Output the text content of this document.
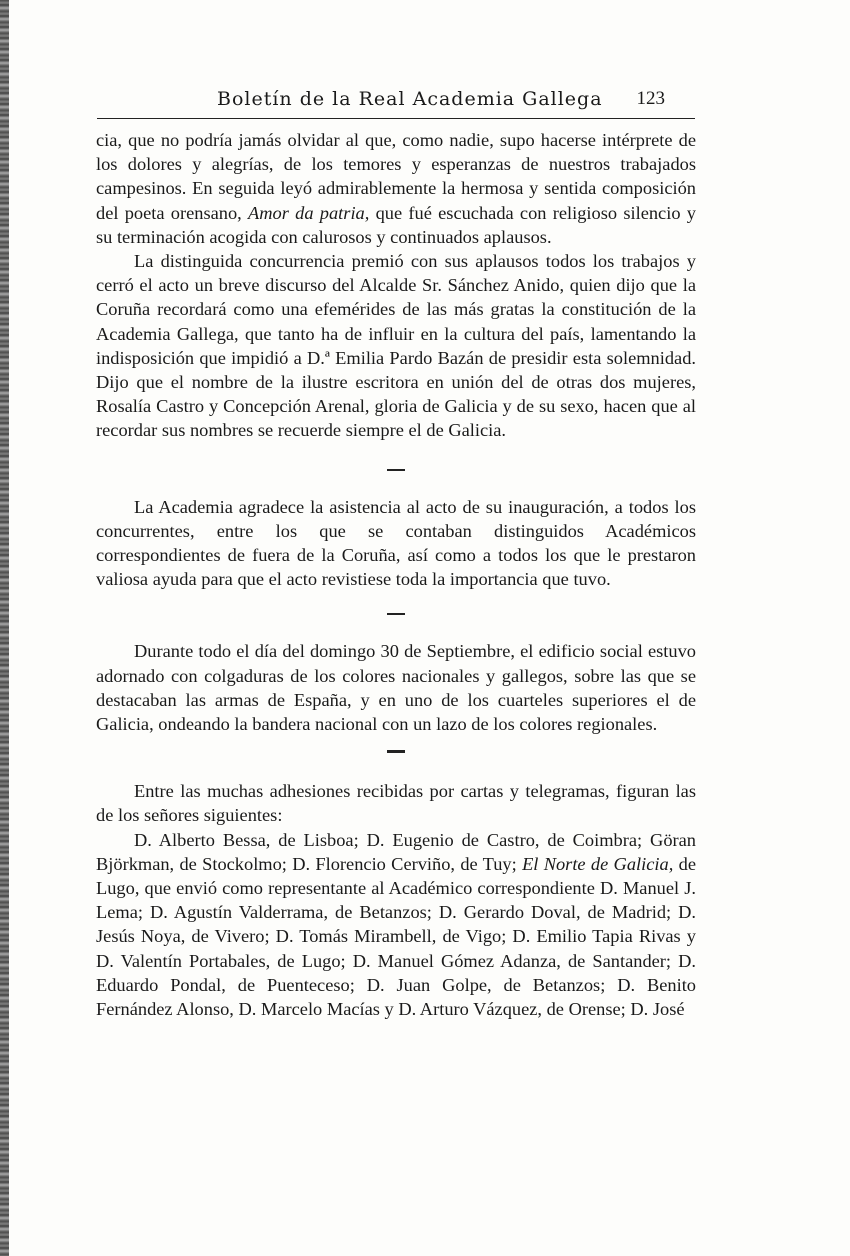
Boletín de la Real Academia Gallega 123

cia, que no podría jamás olvidar al que, como nadie, supo hacerse intérprete de los dolores y alegrías, de los temores y esperanzas de nuestros trabajados campesinos. En seguida leyó admirablemente la hermosa y sentida composición del poeta orensano, Amor da patria, que fué escuchada con religioso silencio y su terminación acogida con calurosos y continuados aplausos.

La distinguida concurrencia premió con sus aplausos todos los trabajos y cerró el acto un breve discurso del Alcalde Sr. Sánchez Anido, quien dijo que la Coruña recordará como una efemérides de las más gratas la constitución de la Academia Gallega, que tanto ha de influir en la cultura del país, lamentando la indisposición que impidió a D.ª Emilia Pardo Bazán de presidir esta solemnidad. Dijo que el nombre de la ilustre escritora en unión del de otras dos mujeres, Rosalía Castro y Concepción Arenal, gloria de Galicia y de su sexo, hacen que al recordar sus nombres se recuerde siempre el de Galicia.

La Academia agradece la asistencia al acto de su inauguración, a todos los concurrentes, entre los que se contaban distinguidos Académicos correspondientes de fuera de la Coruña, así como a todos los que le prestaron valiosa ayuda para que el acto revistiese toda la importancia que tuvo.

Durante todo el día del domingo 30 de Septiembre, el edificio social estuvo adornado con colgaduras de los colores nacionales y gallegos, sobre las que se destacaban las armas de España, y en uno de los cuarteles superiores el de Galicia, ondeando la bandera nacional con un lazo de los colores regionales.

Entre las muchas adhesiones recibidas por cartas y telegramas, figuran las de los señores siguientes:

D. Alberto Bessa, de Lisboa; D. Eugenio de Castro, de Coimbra; Göran Björkman, de Stockolmo; D. Florencio Cerviño, de Tuy; El Norte de Galicia, de Lugo, que envió como representante al Académico correspondiente D. Manuel J. Lema; D. Agustín Valderrama, de Betanzos; D. Gerardo Doval, de Madrid; D. Jesús Noya, de Vivero; D. Tomás Mirambell, de Vigo; D. Emilio Tapia Rivas y D. Valentín Portabales, de Lugo; D. Manuel Gómez Adanza, de Santander; D. Eduardo Pondal, de Puenteceso; D. Juan Golpe, de Betanzos; D. Benito Fernández Alonso, D. Marcelo Macías y D. Arturo Vázquez, de Orense; D. José
